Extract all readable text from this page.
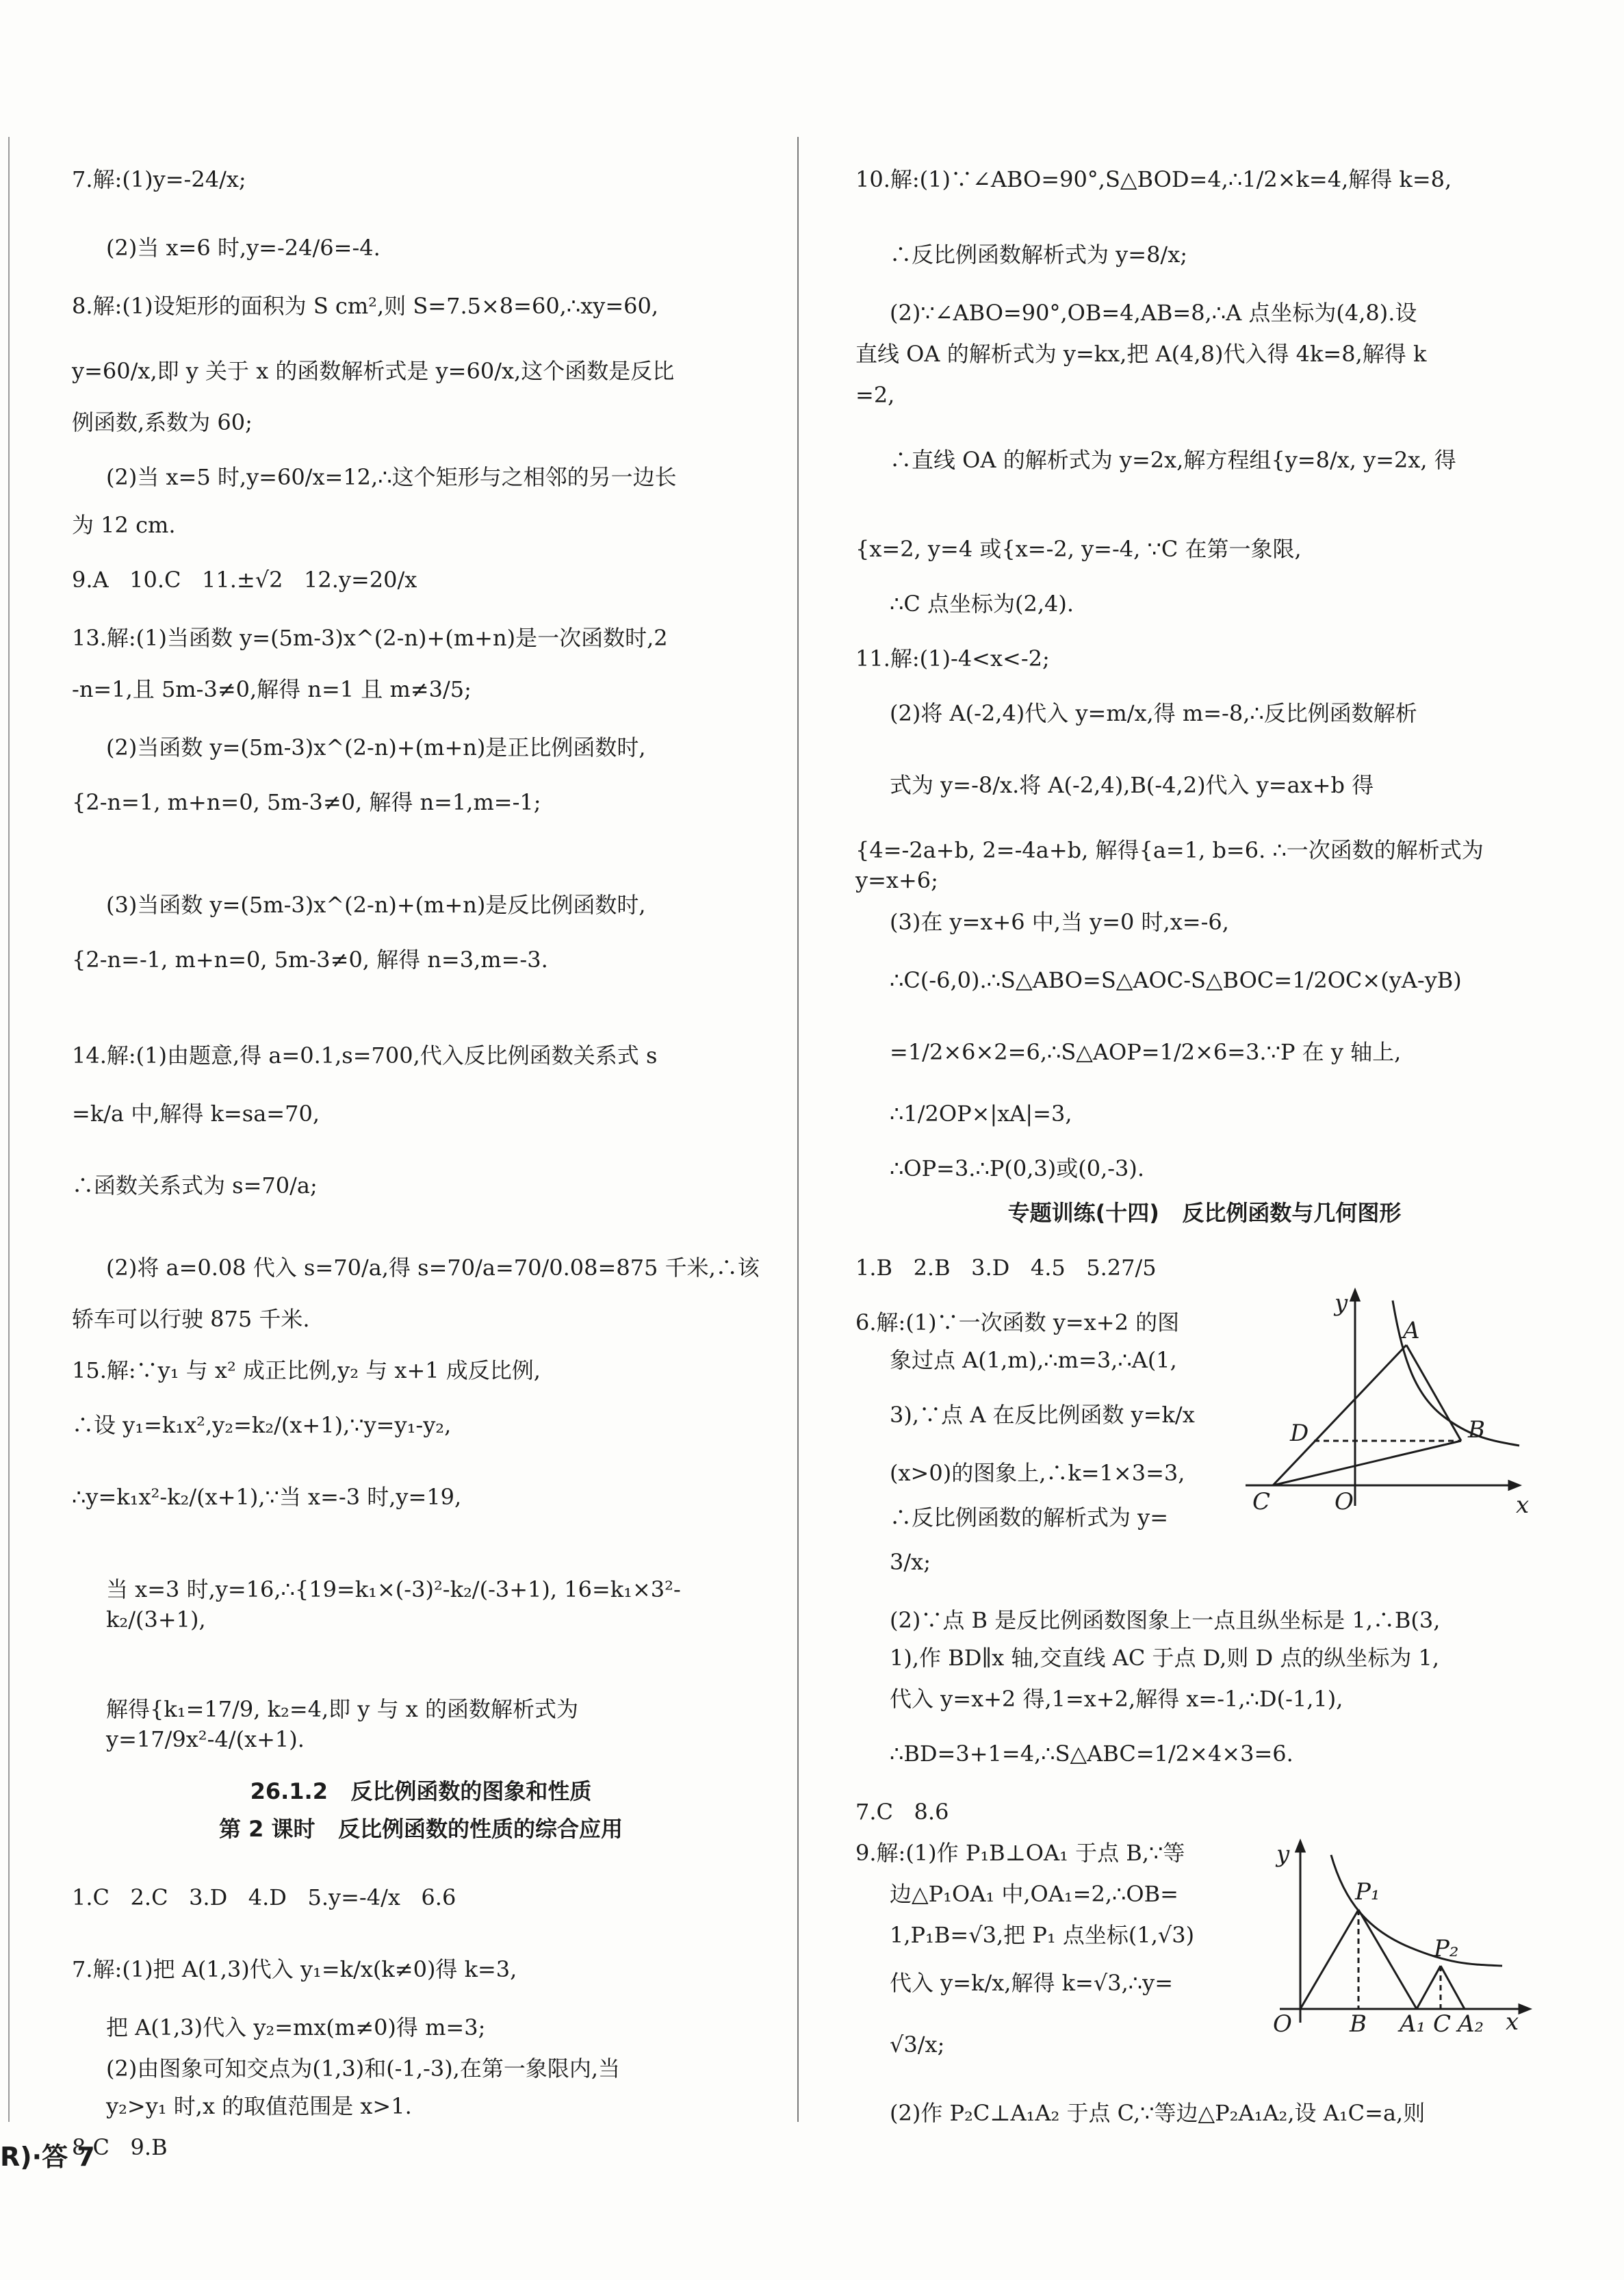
7.解:(1)y=-24/x;
(2)当 x=6 时,y=-24/6=-4.
8.解:(1)设矩形的面积为 S cm²,则 S=7.5×8=60,∴xy=60,
y=60/x,即 y 关于 x 的函数解析式是 y=60/x,这个函数是反比
例函数,系数为 60;
(2)当 x=5 时,y=60/x=12,∴这个矩形与之相邻的另一边长
为 12 cm.
9.A   10.C   11.±√2   12.y=20/x
13.解:(1)当函数 y=(5m-3)x^(2-n)+(m+n)是一次函数时,2
-n=1,且 5m-3≠0,解得 n=1 且 m≠3/5;
(2)当函数 y=(5m-3)x^(2-n)+(m+n)是正比例函数时,
{2-n=1, m+n=0, 5m-3≠0, 解得 n=1,m=-1;
(3)当函数 y=(5m-3)x^(2-n)+(m+n)是反比例函数时,
{2-n=-1, m+n=0, 5m-3≠0, 解得 n=3,m=-3.
14.解:(1)由题意,得 a=0.1,s=700,代入反比例函数关系式 s
=k/a 中,解得 k=sa=70,
∴函数关系式为 s=70/a;
(2)将 a=0.08 代入 s=70/a,得 s=70/a=70/0.08=875 千米,∴该
轿车可以行驶 875 千米.
15.解:∵y₁ 与 x² 成正比例,y₂ 与 x+1 成反比例,
∴设 y₁=k₁x²,y₂=k₂/(x+1),∵y=y₁-y₂,
∴y=k₁x²-k₂/(x+1),∵当 x=-3 时,y=19,
当 x=3 时,y=16,∴{19=k₁×(-3)²-k₂/(-3+1), 16=k₁×3²-k₂/(3+1),
解得{k₁=17/9, k₂=4,即 y 与 x 的函数解析式为 y=17/9x²-4/(x+1).
26.1.2   反比例函数的图象和性质
第 2 课时   反比例函数的性质的综合应用
1.C   2.C   3.D   4.D   5.y=-4/x   6.6
7.解:(1)把 A(1,3)代入 y₁=k/x(k≠0)得 k=3,
把 A(1,3)代入 y₂=mx(m≠0)得 m=3;
(2)由图象可知交点为(1,3)和(-1,-3),在第一象限内,当
y₂>y₁ 时,x 的取值范围是 x>1.
8.C   9.B
10.解:(1)∵∠ABO=90°,S△BOD=4,∴1/2×k=4,解得 k=8,
∴反比例函数解析式为 y=8/x;
(2)∵∠ABO=90°,OB=4,AB=8,∴A 点坐标为(4,8).设
直线 OA 的解析式为 y=kx,把 A(4,8)代入得 4k=8,解得 k
=2,
∴直线 OA 的解析式为 y=2x,解方程组{y=8/x, y=2x, 得
{x=2, y=4 或{x=-2, y=-4, ∵C 在第一象限,
∴C 点坐标为(2,4).
11.解:(1)-4<x<-2;
(2)将 A(-2,4)代入 y=m/x,得 m=-8,∴反比例函数解析
式为 y=-8/x.将 A(-2,4),B(-4,2)代入 y=ax+b 得
{4=-2a+b, 2=-4a+b, 解得{a=1, b=6. ∴一次函数的解析式为 y=x+6;
(3)在 y=x+6 中,当 y=0 时,x=-6,
∴C(-6,0).∴S△ABO=S△AOC-S△BOC=1/2OC×(yA-yB)
=1/2×6×2=6,∴S△AOP=1/2×6=3.∵P 在 y 轴上,
∴1/2OP×|xA|=3,
∴OP=3.∴P(0,3)或(0,-3).
专题训练(十四)   反比例函数与几何图形
1.B   2.B   3.D   4.5   5.27/5
6.解:(1)∵一次函数 y=x+2 的图
象过点 A(1,m),∴m=3,∴A(1,
3),∵点 A 在反比例函数 y=k/x
(x>0)的图象上,∴k=1×3=3,
∴反比例函数的解析式为 y=
3/x;
(2)∵点 B 是反比例函数图象上一点且纵坐标是 1,∴B(3,
1),作 BD∥x 轴,交直线 AC 于点 D,则 D 点的纵坐标为 1,
代入 y=x+2 得,1=x+2,解得 x=-1,∴D(-1,1),
∴BD=3+1=4,∴S△ABC=1/2×4×3=6.
7.C   8.6
9.解:(1)作 P₁B⊥OA₁ 于点 B,∵等
边△P₁OA₁ 中,OA₁=2,∴OB=
1,P₁B=√3,把 P₁ 点坐标(1,√3)
代入 y=k/x,解得 k=√3,∴y=
√3/x;
(2)作 P₂C⊥A₁A₂ 于点 C,∵等边△P₂A₁A₂,设 A₁C=a,则
y
x
A
B
C
D
O
y
x
P₁
P₂
O B A₁ C A₂
R)·答 7
